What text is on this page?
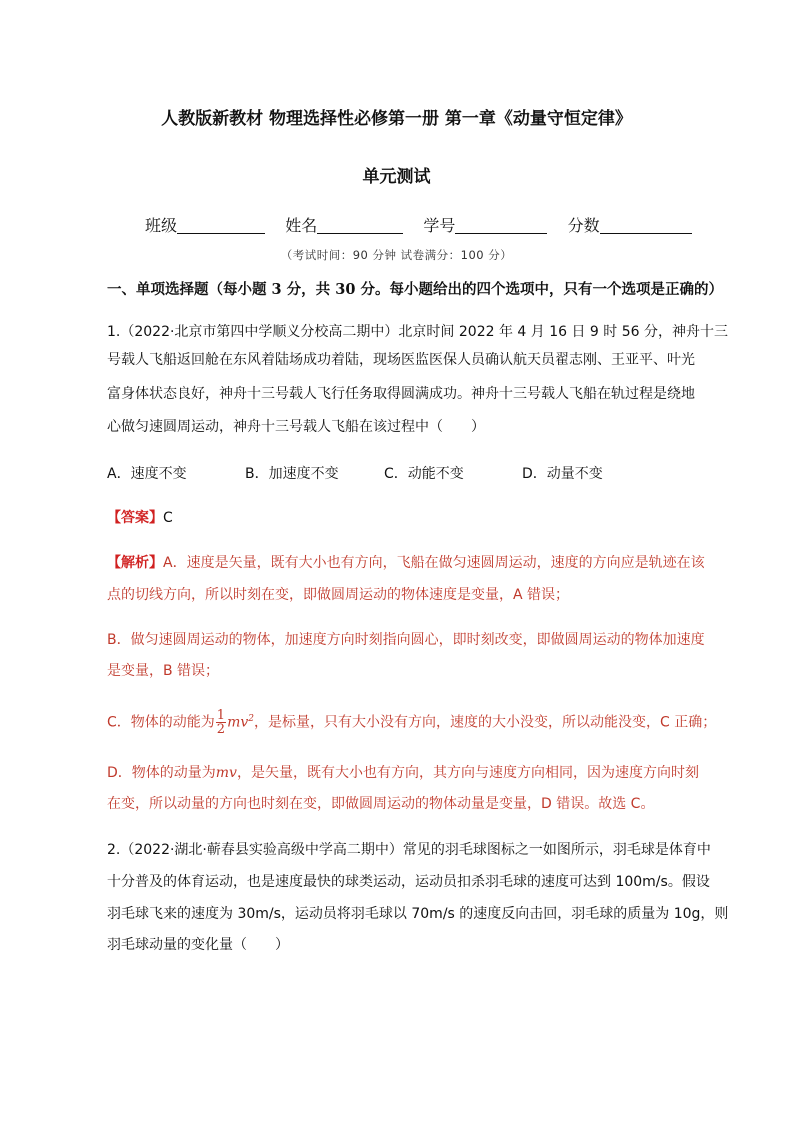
人教版新教材 物理选择性必修第一册 第一章《动量守恒定律》
单元测试
班级	姓名	学号	分数
（考试时间：90 分钟 试卷满分：100 分）
一、单项选择题（每小题 3 分，共 30 分。每小题给出的四个选项中，只有一个选项是正确的）
1.（2022·北京市第四中学顺义分校高二期中）北京时间 2022 年 4 月 16 日 9 时 56 分，神舟十三
号载人飞船返回舱在东风着陆场成功着陆，现场医监医保人员确认航天员翟志刚、王亚平、叶光
富身体状态良好，神舟十三号载人飞行任务取得圆满成功。神舟十三号载人飞船在轨过程是绕地
心做匀速圆周运动，神舟十三号载人飞船在该过程中（　　）
A．速度不变	B．加速度不变	C．动能不变	D．动量不变
【答案】C
【解析】A．速度是矢量，既有大小也有方向，飞船在做匀速圆周运动，速度的方向应是轨迹在该
点的切线方向，所以时刻在变，即做圆周运动的物体速度是变量，A 错误；
B．做匀速圆周运动的物体，加速度方向时刻指向圆心，即时刻改变，即做圆周运动的物体加速度
是变量，B 错误；
C．物体的动能为 $\frac{1}{2} mv^2$，是标量，只有大小没有方向，速度的大小没变，所以动能没变，C 正确；
D．物体的动量为mv，是矢量，既有大小也有方向，其方向与速度方向相同，因为速度方向时刻
在变，所以动量的方向也时刻在变，即做圆周运动的物体动量是变量，D 错误。故选 C。
2.（2022·湖北·蕲春县实验高级中学高二期中）常见的羽毛球图标之一如图所示，羽毛球是体育中
十分普及的体育运动，也是速度最快的球类运动，运动员扣杀羽毛球的速度可达到 100m/s。假设
羽毛球飞来的速度为 30m/s，运动员将羽毛球以 70m/s 的速度反向击回，羽毛球的质量为 10g，则
羽毛球动量的变化量（　　）
